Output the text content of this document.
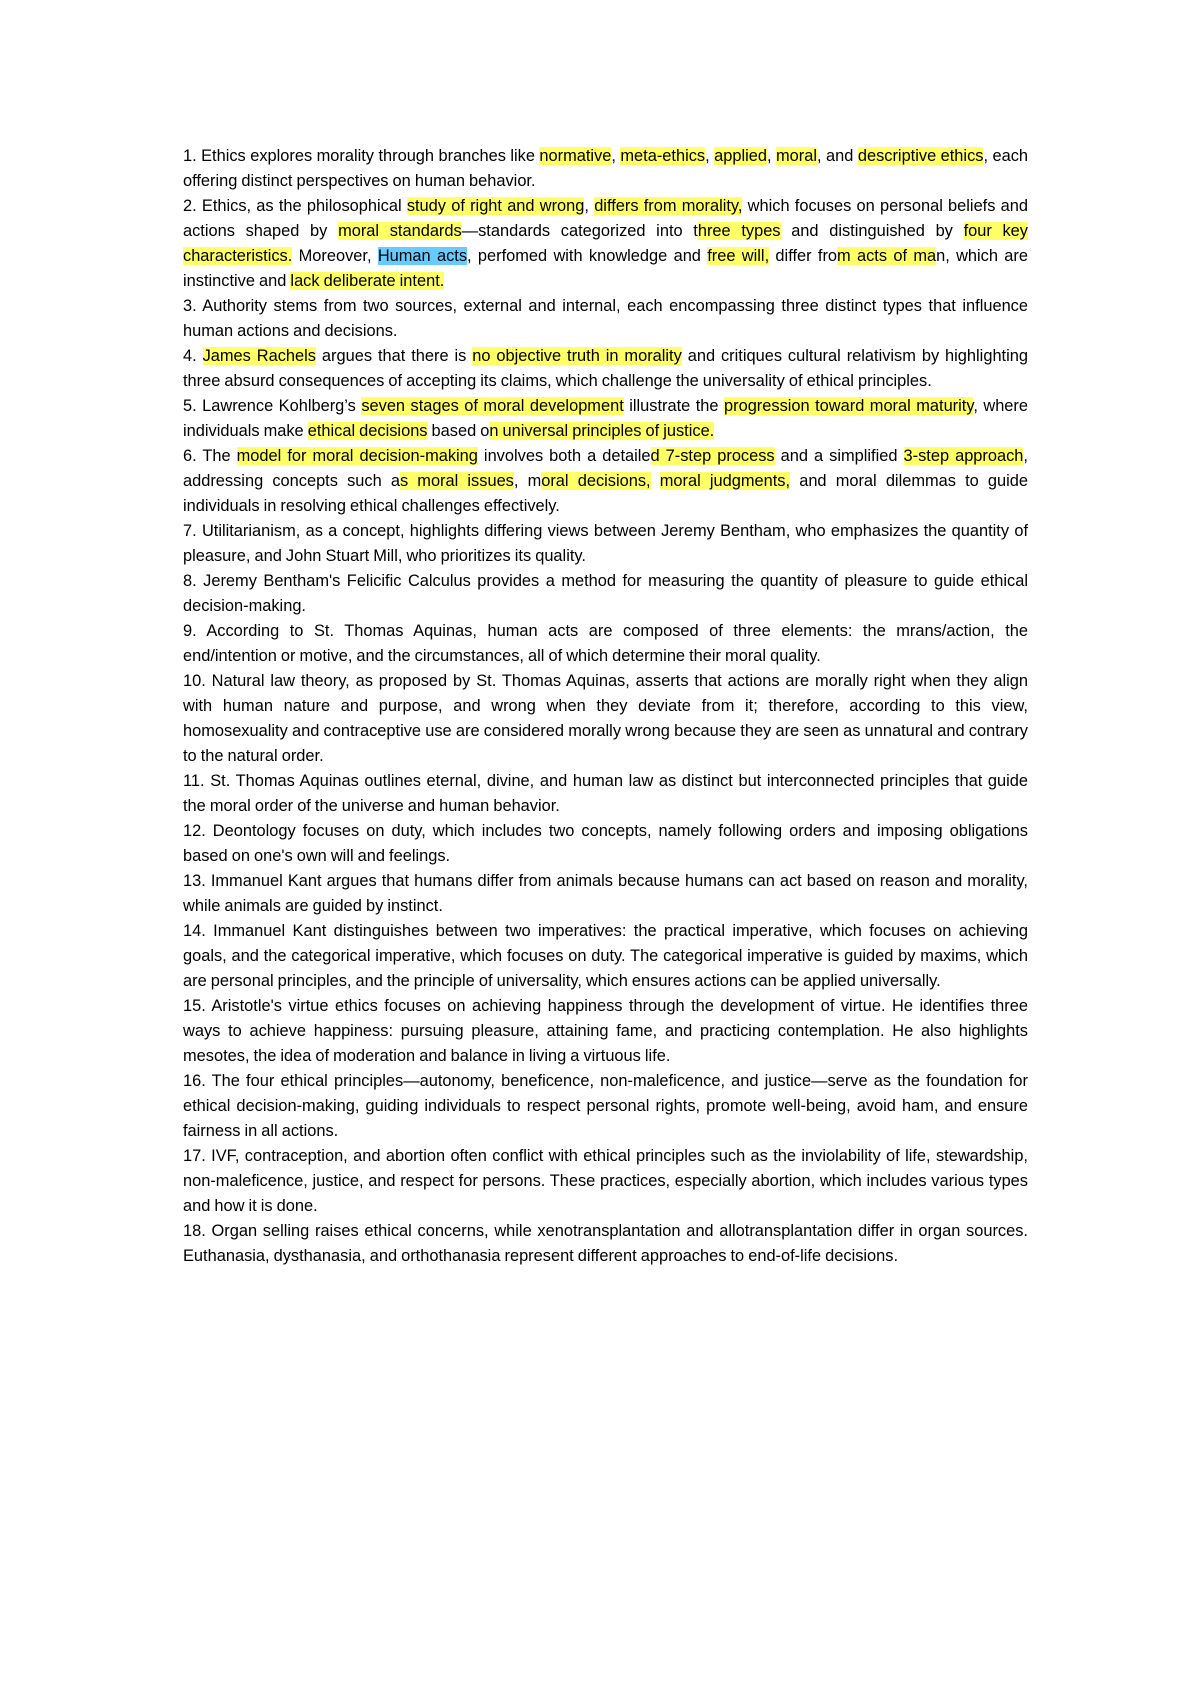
1. Ethics explores morality through branches like normative, meta-ethics, applied, moral, and descriptive ethics, each offering distinct perspectives on human behavior.

2. Ethics, as the philosophical study of right and wrong, differs from morality, which focuses on personal beliefs and actions shaped by moral standards—standards categorized into three types and distinguished by four key characteristics. Moreover, Human acts, perfomed with knowledge and free will, differ from acts of man, which are instinctive and lack deliberate intent.

3. Authority stems from two sources, external and internal, each encompassing three distinct types that influence human actions and decisions.

4. James Rachels argues that there is no objective truth in morality and critiques cultural relativism by highlighting three absurd consequences of accepting its claims, which challenge the universality of ethical principles.

5. Lawrence Kohlberg’s seven stages of moral development illustrate the progression toward moral maturity, where individuals make ethical decisions based on universal principles of justice.

6. The model for moral decision-making involves both a detailed 7-step process and a simplified 3-step approach, addressing concepts such as moral issues, moral decisions, moral judgments, and moral dilemmas to guide individuals in resolving ethical challenges effectively.

7. Utilitarianism, as a concept, highlights differing views between Jeremy Bentham, who emphasizes the quantity of pleasure, and John Stuart Mill, who prioritizes its quality.

8. Jeremy Bentham's Felicific Calculus provides a method for measuring the quantity of pleasure to guide ethical decision-making.

9. According to St. Thomas Aquinas, human acts are composed of three elements: the mrans/action, the end/intention or motive, and the circumstances, all of which determine their moral quality.

10. Natural law theory, as proposed by St. Thomas Aquinas, asserts that actions are morally right when they align with human nature and purpose, and wrong when they deviate from it; therefore, according to this view, homosexuality and contraceptive use are considered morally wrong because they are seen as unnatural and contrary to the natural order.

11. St. Thomas Aquinas outlines eternal, divine, and human law as distinct but interconnected principles that guide the moral order of the universe and human behavior.

12. Deontology focuses on duty, which includes two concepts, namely following orders and imposing obligations based on one's own will and feelings.

13. Immanuel Kant argues that humans differ from animals because humans can act based on reason and morality, while animals are guided by instinct.

14. Immanuel Kant distinguishes between two imperatives: the practical imperative, which focuses on achieving goals, and the categorical imperative, which focuses on duty. The categorical imperative is guided by maxims, which are personal principles, and the principle of universality, which ensures actions can be applied universally.

15. Aristotle's virtue ethics focuses on achieving happiness through the development of virtue. He identifies three ways to achieve happiness: pursuing pleasure, attaining fame, and practicing contemplation. He also highlights mesotes, the idea of moderation and balance in living a virtuous life.

16. The four ethical principles—autonomy, beneficence, non-maleficence, and justice—serve as the foundation for ethical decision-making, guiding individuals to respect personal rights, promote well-being, avoid ham, and ensure fairness in all actions.

17. IVF, contraception, and abortion often conflict with ethical principles such as the inviolability of life, stewardship, non-maleficence, justice, and respect for persons. These practices, especially abortion, which includes various types and how it is done.

18. Organ selling raises ethical concerns, while xenotransplantation and allotransplantation differ in organ sources. Euthanasia, dysthanasia, and orthothanasia represent different approaches to end-of-life decisions.
